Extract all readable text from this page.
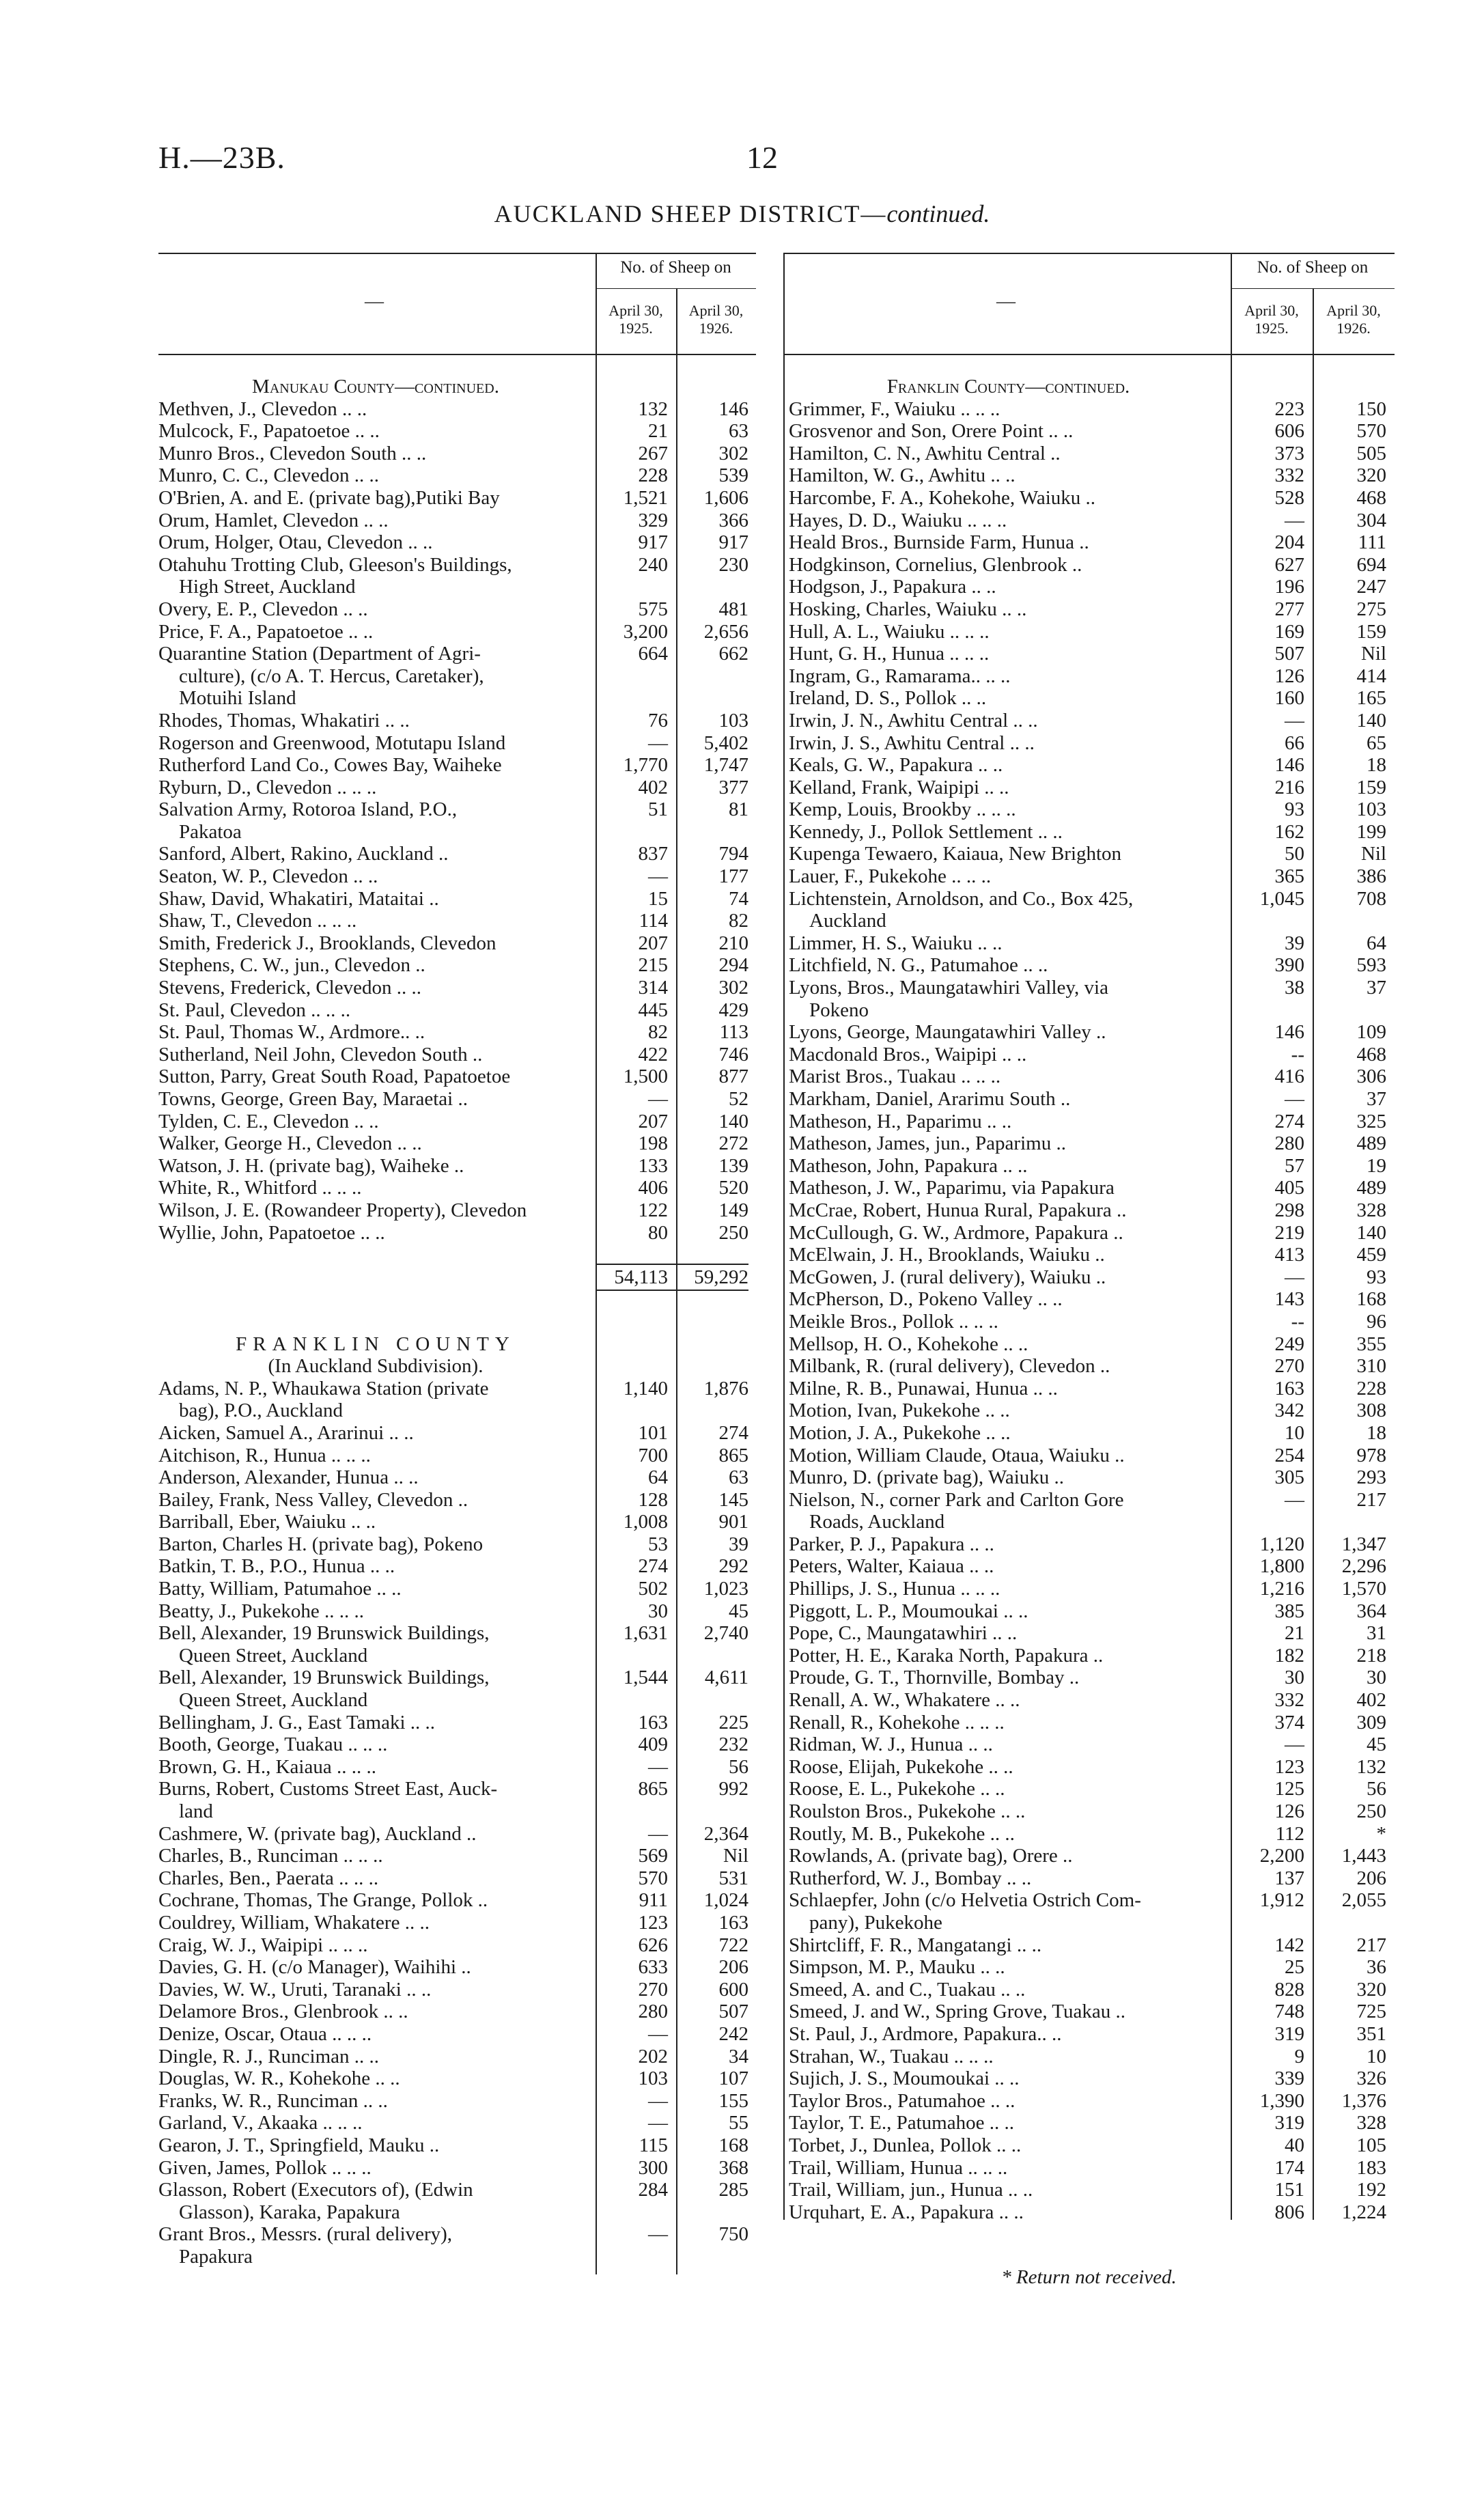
H.—23B.	12
AUCKLAND SHEEP DISTRICT—continued.
—
No. of Sheep on
April 30,
1925.
April 30,
1926.
Manukau County—continued.
Methven, J., Clevedon .. ..	132	146
Mulcock, F., Papatoetoe .. ..	21	63
Munro Bros., Clevedon South .. ..	267	302
Munro, C. C., Clevedon .. ..	228	539
O'Brien, A. and E. (private bag),Putiki Bay	1,521	1,606
Orum, Hamlet, Clevedon .. ..	329	366
Orum, Holger, Otau, Clevedon .. ..	917	917
Otahuhu Trotting Club, Gleeson's Buildings,	240	230
High Street, Auckland
Overy, E. P., Clevedon .. ..	575	481
Price, F. A., Papatoetoe .. ..	3,200	2,656
Quarantine Station (Department of Agri-	664	662
culture), (c/o A. T. Hercus, Caretaker),
Motuihi Island
Rhodes, Thomas, Whakatiri .. ..	76	103
Rogerson and Greenwood, Motutapu Island	—	5,402
Rutherford Land Co., Cowes Bay, Waiheke	1,770	1,747
Ryburn, D., Clevedon .. .. ..	402	377
Salvation Army, Rotoroa Island, P.O.,	51	81
Pakatoa
Sanford, Albert, Rakino, Auckland ..	837	794
Seaton, W. P., Clevedon .. ..	—	177
Shaw, David, Whakatiri, Mataitai ..	15	74
Shaw, T., Clevedon .. .. ..	114	82
Smith, Frederick J., Brooklands, Clevedon	207	210
Stephens, C. W., jun., Clevedon ..	215	294
Stevens, Frederick, Clevedon .. ..	314	302
St. Paul, Clevedon .. .. ..	445	429
St. Paul, Thomas W., Ardmore.. ..	82	113
Sutherland, Neil John, Clevedon South ..	422	746
Sutton, Parry, Great South Road, Papatoetoe	1,500	877
Towns, George, Green Bay, Maraetai ..	—	52
Tylden, C. E., Clevedon .. ..	207	140
Walker, George H., Clevedon .. ..	198	272
Watson, J. H. (private bag), Waiheke ..	133	139
White, R., Whitford .. .. ..	406	520
Wilson, J. E. (Rowandeer Property), Clevedon	122	149
Wyllie, John, Papatoetoe .. ..	80	250
54,113	59,292
FRANKLIN COUNTY
(In Auckland Subdivision).
Adams, N. P., Whaukawa Station (private	1,140	1,876
bag), P.O., Auckland
Aicken, Samuel A., Ararinui .. ..	101	274
Aitchison, R., Hunua .. .. ..	700	865
Anderson, Alexander, Hunua .. ..	64	63
Bailey, Frank, Ness Valley, Clevedon ..	128	145
Barriball, Eber, Waiuku .. ..	1,008	901
Barton, Charles H. (private bag), Pokeno	53	39
Batkin, T. B., P.O., Hunua .. ..	274	292
Batty, William, Patumahoe .. ..	502	1,023
Beatty, J., Pukekohe .. .. ..	30	45
Bell, Alexander, 19 Brunswick Buildings,	1,631	2,740
Queen Street, Auckland
Bell, Alexander, 19 Brunswick Buildings,	1,544	4,611
Queen Street, Auckland
Bellingham, J. G., East Tamaki .. ..	163	225
Booth, George, Tuakau .. .. ..	409	232
Brown, G. H., Kaiaua .. .. ..	—	56
Burns, Robert, Customs Street East, Auck-	865	992
land
Cashmere, W. (private bag), Auckland ..	—	2,364
Charles, B., Runciman .. .. ..	569	Nil
Charles, Ben., Paerata .. .. ..	570	531
Cochrane, Thomas, The Grange, Pollok ..	911	1,024
Couldrey, William, Whakatere .. ..	123	163
Craig, W. J., Waipipi .. .. ..	626	722
Davies, G. H. (c/o Manager), Waihihi ..	633	206
Davies, W. W., Uruti, Taranaki .. ..	270	600
Delamore Bros., Glenbrook .. ..	280	507
Denize, Oscar, Otaua .. .. ..	—	242
Dingle, R. J., Runciman .. ..	202	34
Douglas, W. R., Kohekohe .. ..	103	107
Franks, W. R., Runciman .. ..	—	155
Garland, V., Akaaka .. .. ..	—	55
Gearon, J. T., Springfield, Mauku ..	115	168
Given, James, Pollok .. .. ..	300	368
Glasson, Robert (Executors of), (Edwin	284	285
Glasson), Karaka, Papakura
Grant Bros., Messrs. (rural delivery),	—	750
Papakura
—
No. of Sheep on
April 30,
1925.
April 30,
1926.
Franklin County—continued.
Grimmer, F., Waiuku .. .. ..	223	150
Grosvenor and Son, Orere Point .. ..	606	570
Hamilton, C. N., Awhitu Central ..	373	505
Hamilton, W. G., Awhitu .. ..	332	320
Harcombe, F. A., Kohekohe, Waiuku ..	528	468
Hayes, D. D., Waiuku .. .. ..	—	304
Heald Bros., Burnside Farm, Hunua ..	204	111
Hodgkinson, Cornelius, Glenbrook ..	627	694
Hodgson, J., Papakura .. ..	196	247
Hosking, Charles, Waiuku .. ..	277	275
Hull, A. L., Waiuku .. .. ..	169	159
Hunt, G. H., Hunua .. .. ..	507	Nil
Ingram, G., Ramarama.. .. ..	126	414
Ireland, D. S., Pollok .. ..	160	165
Irwin, J. N., Awhitu Central .. ..	—	140
Irwin, J. S., Awhitu Central .. ..	66	65
Keals, G. W., Papakura .. ..	146	18
Kelland, Frank, Waipipi .. ..	216	159
Kemp, Louis, Brookby .. .. ..	93	103
Kennedy, J., Pollok Settlement .. ..	162	199
Kupenga Tewaero, Kaiaua, New Brighton	50	Nil
Lauer, F., Pukekohe .. .. ..	365	386
Lichtenstein, Arnoldson, and Co., Box 425,	1,045	708
Auckland
Limmer, H. S., Waiuku .. ..	39	64
Litchfield, N. G., Patumahoe .. ..	390	593
Lyons, Bros., Maungatawhiri Valley, via	38	37
Pokeno
Lyons, George, Maungatawhiri Valley ..	146	109
Macdonald Bros., Waipipi .. ..	--	468
Marist Bros., Tuakau .. .. ..	416	306
Markham, Daniel, Ararimu South ..	—	37
Matheson, H., Paparimu .. ..	274	325
Matheson, James, jun., Paparimu ..	280	489
Matheson, John, Papakura .. ..	57	19
Matheson, J. W., Paparimu, via Papakura	405	489
McCrae, Robert, Hunua Rural, Papakura ..	298	328
McCullough, G. W., Ardmore, Papakura ..	219	140
McElwain, J. H., Brooklands, Waiuku ..	413	459
McGowen, J. (rural delivery), Waiuku ..	—	93
McPherson, D., Pokeno Valley .. ..	143	168
Meikle Bros., Pollok .. .. ..	--	96
Mellsop, H. O., Kohekohe .. ..	249	355
Milbank, R. (rural delivery), Clevedon ..	270	310
Milne, R. B., Punawai, Hunua .. ..	163	228
Motion, Ivan, Pukekohe .. ..	342	308
Motion, J. A., Pukekohe .. ..	10	18
Motion, William Claude, Otaua, Waiuku ..	254	978
Munro, D. (private bag), Waiuku ..	305	293
Nielson, N., corner Park and Carlton Gore	—	217
Roads, Auckland
Parker, P. J., Papakura .. ..	1,120	1,347
Peters, Walter, Kaiaua .. ..	1,800	2,296
Phillips, J. S., Hunua .. .. ..	1,216	1,570
Piggott, L. P., Moumoukai .. ..	385	364
Pope, C., Maungatawhiri .. ..	21	31
Potter, H. E., Karaka North, Papakura ..	182	218
Proude, G. T., Thornville, Bombay ..	30	30
Renall, A. W., Whakatere .. ..	332	402
Renall, R., Kohekohe .. .. ..	374	309
Ridman, W. J., Hunua .. ..	—	45
Roose, Elijah, Pukekohe .. ..	123	132
Roose, E. L., Pukekohe .. ..	125	56
Roulston Bros., Pukekohe .. ..	126	250
Routly, M. B., Pukekohe .. ..	112	*
Rowlands, A. (private bag), Orere ..	2,200	1,443
Rutherford, W. J., Bombay .. ..	137	206
Schlaepfer, John (c/o Helvetia Ostrich Com-	1,912	2,055
pany), Pukekohe
Shirtcliff, F. R., Mangatangi .. ..	142	217
Simpson, M. P., Mauku .. ..	25	36
Smeed, A. and C., Tuakau .. ..	828	320
Smeed, J. and W., Spring Grove, Tuakau ..	748	725
St. Paul, J., Ardmore, Papakura.. ..	319	351
Strahan, W., Tuakau .. .. ..	9	10
Sujich, J. S., Moumoukai .. ..	339	326
Taylor Bros., Patumahoe .. ..	1,390	1,376
Taylor, T. E., Patumahoe .. ..	319	328
Torbet, J., Dunlea, Pollok .. ..	40	105
Trail, William, Hunua .. .. ..	174	183
Trail, William, jun., Hunua .. ..	151	192
Urquhart, E. A., Papakura .. ..	806	1,224
* Return not received.
